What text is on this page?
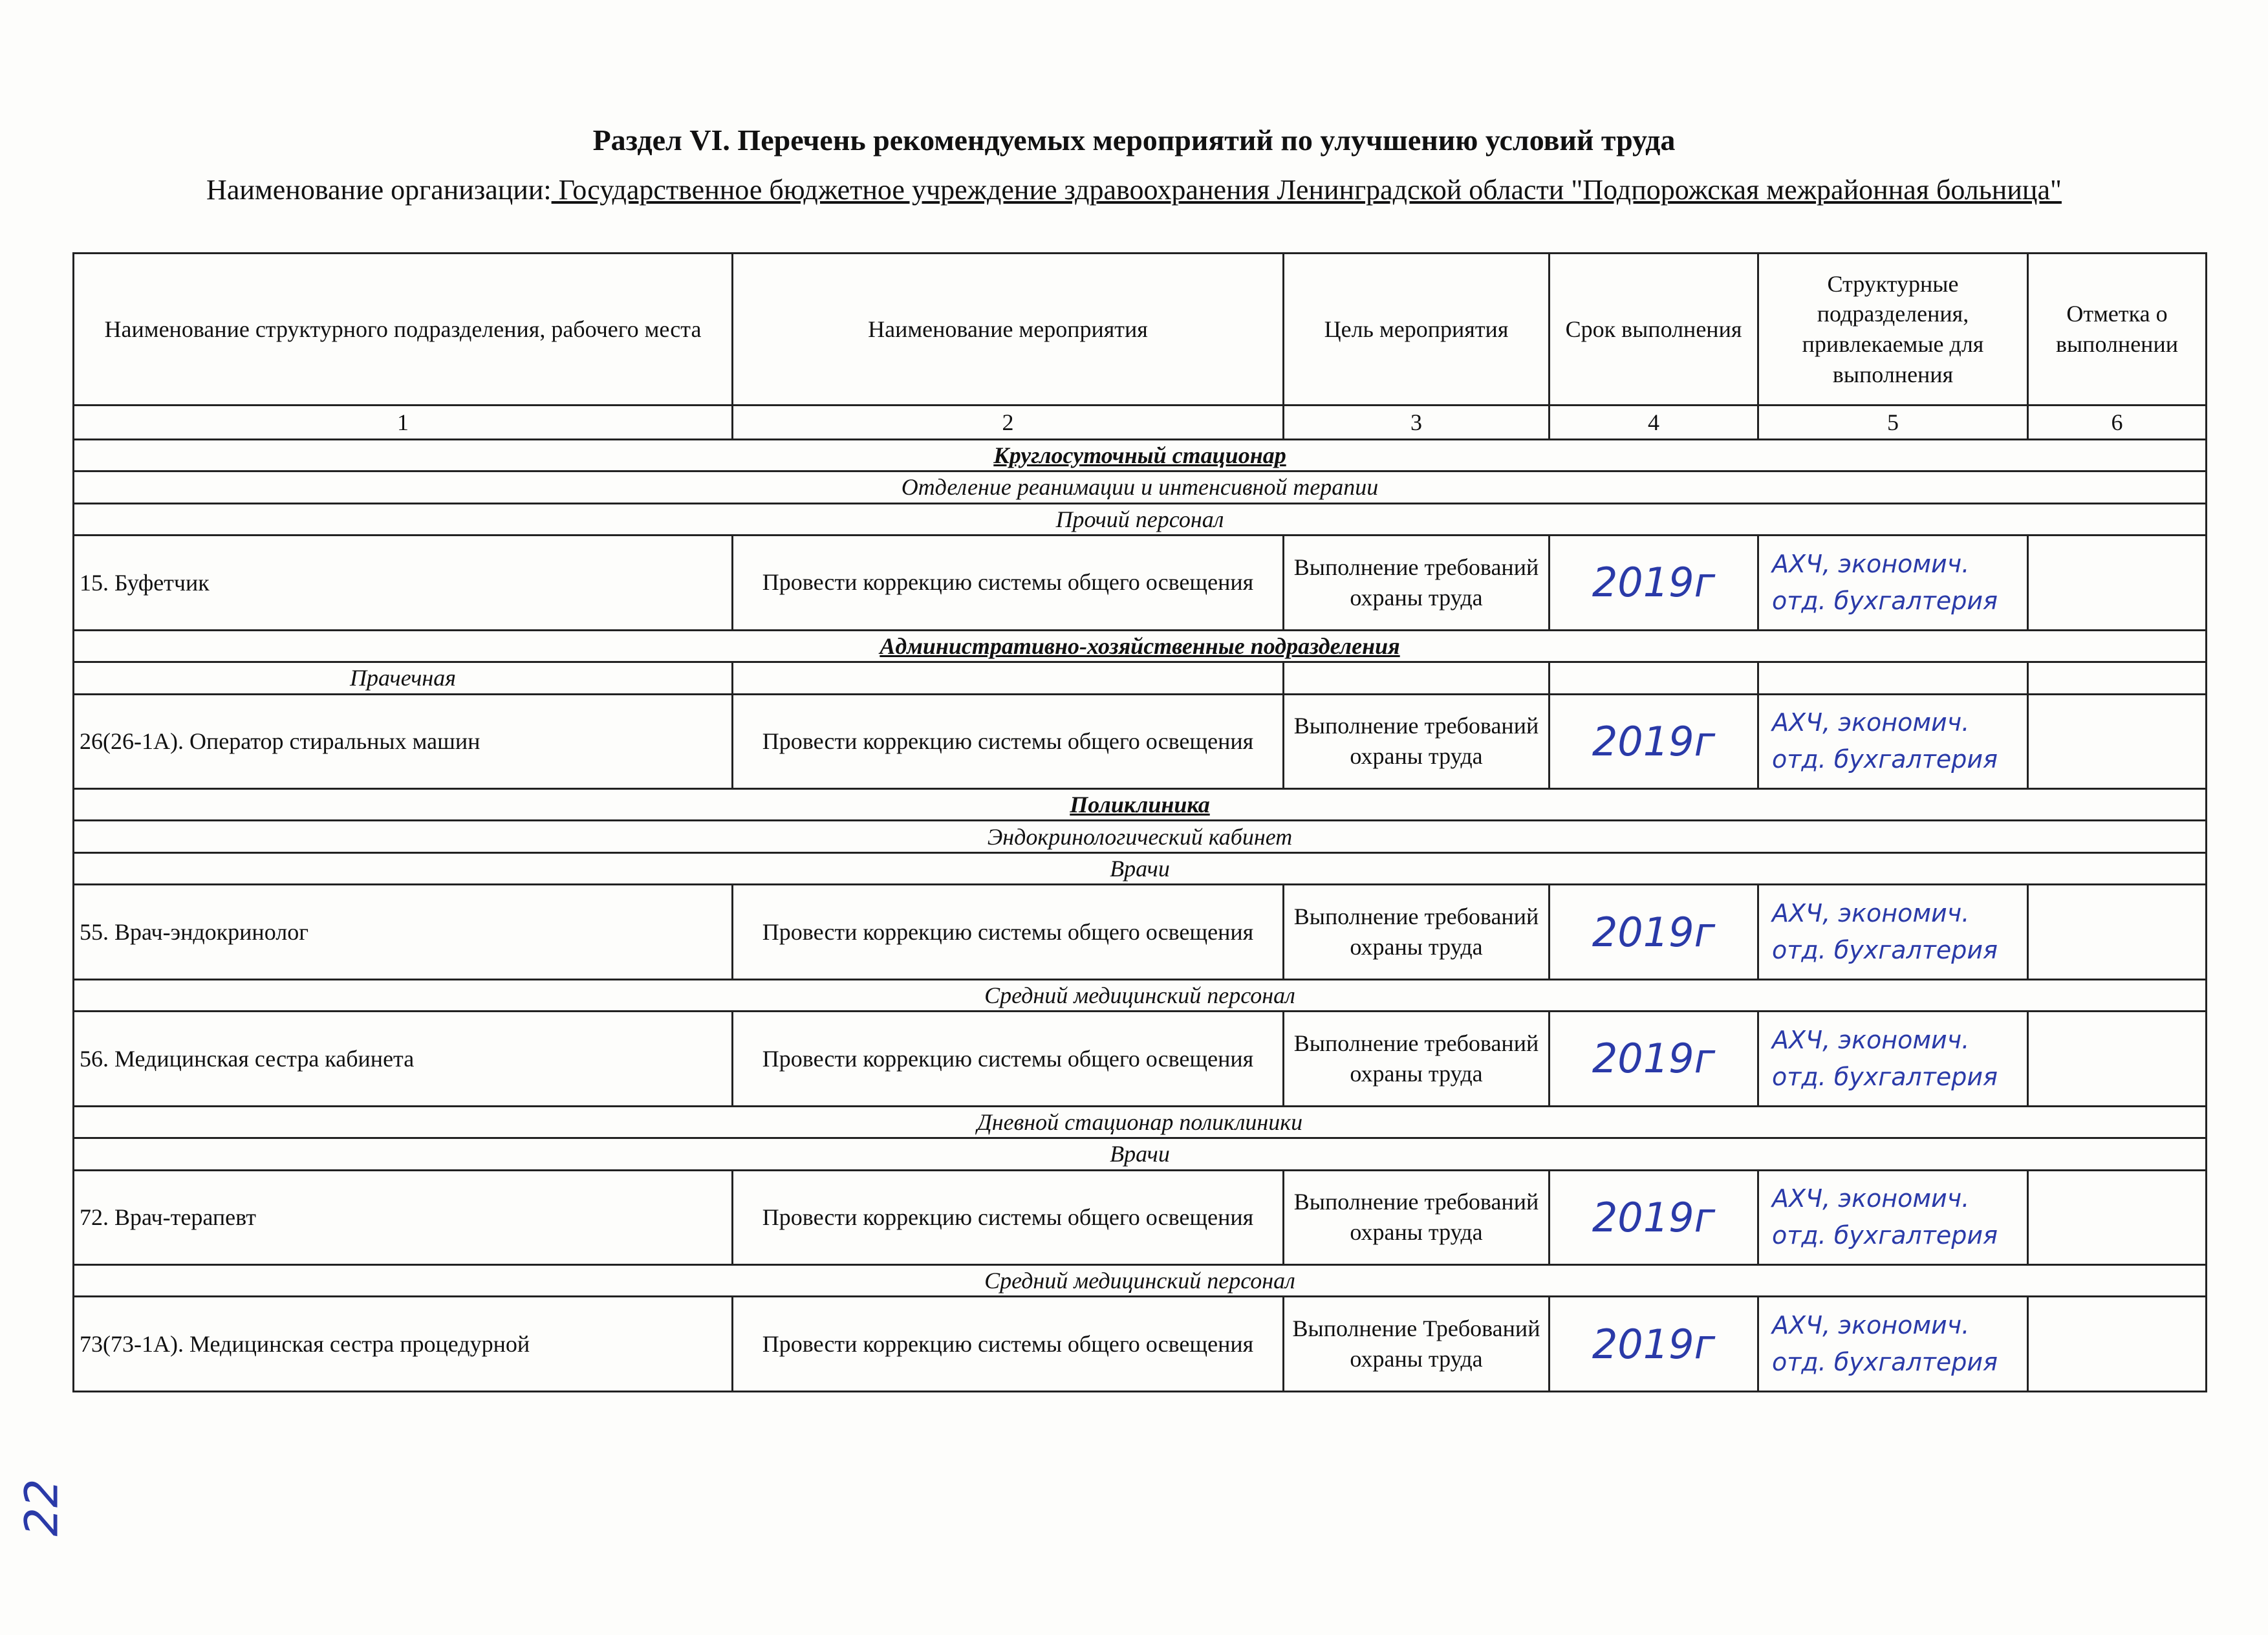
Раздел VI. Перечень рекомендуемых мероприятий по улучшению условий труда
Наименование организации: Государственное бюджетное учреждение здравоохранения Ленинградской области "Подпорожская межрайонная больница"
Наименование структурного подразделения, рабочего места	Наименование мероприятия	Цель мероприятия	Срок выполнения	Структурные подразделения, привлекаемые для выполнения	Отметка о выполнении
1	2	3	4	5	6
Круглосуточный стационар					
Отделение реанимации и интенсивной терапии					
Прочий персонал					
15. Буфетчик	Провести коррекцию системы общего освещения	Выполнение требований охраны труда	2019г	АХЧ, экономич. отд. бухгалтерия	
Административно-хозяйственные подразделения					
Прачечная					
26(26-1А). Оператор стиральных машин	Провести коррекцию системы общего освещения	Выполнение требований охраны труда	2019г	АХЧ, экономич. отд. бухгалтерия	
Поликлиника					
Эндокринологический кабинет					
Врачи					
55. Врач-эндокринолог	Провести коррекцию системы общего освещения	Выполнение требований охраны труда	2019г	АХЧ, экономич. отд. бухгалтерия	
Средний медицинский персонал					
56. Медицинская сестра кабинета	Провести коррекцию системы общего освещения	Выполнение требований охраны труда	2019г	АХЧ, экономич. отд. бухгалтерия	
Дневной стационар поликлиники					
Врачи					
72. Врач-терапевт	Провести коррекцию системы общего освещения	Выполнение требований охраны труда	2019г	АХЧ, экономич. отд. бухгалтерия	
Средний медицинский персонал					
73(73-1А). Медицинская сестра процедурной	Провести коррекцию системы общего освещения	Выполнение Требований охраны труда	2019г	АХЧ, экономич. отд. бухгалтерия	
22
